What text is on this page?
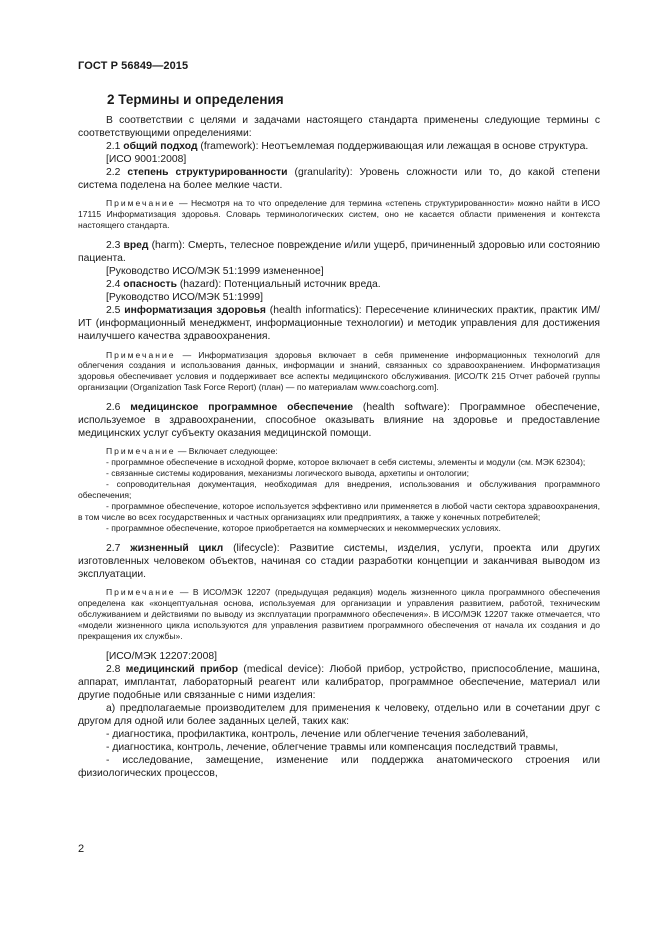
ГОСТ Р 56849—2015
2 Термины и определения

В соответствии с целями и задачами настоящего стандарта применены следующие термины с соответствующими определениями:

2.1 общий подход (framework): Неотъемлемая поддерживающая или лежащая в основе структура.

[ИСО 9001:2008]

2.2 степень структурированности (granularity): Уровень сложности или то, до какой степени система поделена на более мелкие части.

Примечание — Несмотря на то что определение для термина «степень структурированности» можно найти в ИСО 17115 Информатизация здоровья. Словарь терминологических систем, оно не касается области применения и контекста настоящего стандарта.

2.3 вред (harm): Смерть, телесное повреждение и/или ущерб, причиненный здоровью или состоянию пациента.

[Руководство ИСО/МЭК 51:1999 измененное]

2.4 опасность (hazard): Потенциальный источник вреда.

[Руководство ИСО/МЭК 51:1999]

2.5 информатизация здоровья (health informatics): Пересечение клинических практик, практик ИМ/ИТ (информационный менеджмент, информационные технологии) и методик управления для достижения наилучшего качества здравоохранения.

Примечание — Информатизация здоровья включает в себя применение информационных технологий для облегчения создания и использования данных, информации и знаний, связанных со здравоохранением. Информатизация здоровья обеспечивает условия и поддерживает все аспекты медицинского обслуживания. [ИСО/ТК 215 Отчет рабочей группы организации (Organization Task Force Report) (план) — по материалам www.coachorg.com].

2.6 медицинское программное обеспечение (health software): Программное обеспечение, используемое в здравоохранении, способное оказывать влияние на здоровье и предоставление медицинских услуг субъекту оказания медицинской помощи.

Примечание — Включает следующее:

- программное обеспечение в исходной форме, которое включает в себя системы, элементы и модули (см. МЭК 62304);

- связанные системы кодирования, механизмы логического вывода, архетипы и онтологии;

- сопроводительная документация, необходимая для внедрения, использования и обслуживания программного обеспечения;

- программное обеспечение, которое используется эффективно или применяется в любой части сектора здравоохранения, в том числе во всех государственных и частных организациях или предприятиях, а также у конечных потребителей;

- программное обеспечение, которое приобретается на коммерческих и некоммерческих условиях.

2.7 жизненный цикл (lifecycle): Развитие системы, изделия, услуги, проекта или других изготовленных человеком объектов, начиная со стадии разработки концепции и заканчивая выводом из эксплуатации.

Примечание — В ИСО/МЭК 12207 (предыдущая редакция) модель жизненного цикла программного обеспечения определена как «концептуальная основа, используемая для организации и управления развитием, работой, техническим обслуживанием и действиями по выводу из эксплуатации программного обеспечения». В ИСО/МЭК 12207 также отмечается, что «модели жизненного цикла используются для управления развитием программного обеспечения от начала их создания и до прекращения их службы».

[ИСО/МЭК 12207:2008]

2.8 медицинский прибор (medical device): Любой прибор, устройство, приспособление, машина, аппарат, имплантат, лабораторный реагент или калибратор, программное обеспечение, материал или другие подобные или связанные с ними изделия:

а) предполагаемые производителем для применения к человеку, отдельно или в сочетании друг с другом для одной или более заданных целей, таких как:

- диагностика, профилактика, контроль, лечение или облегчение течения заболеваний,

- диагностика, контроль, лечение, облегчение травмы или компенсация последствий травмы,

- исследование, замещение, изменение или поддержка анатомического строения или физиологических процессов,

2
